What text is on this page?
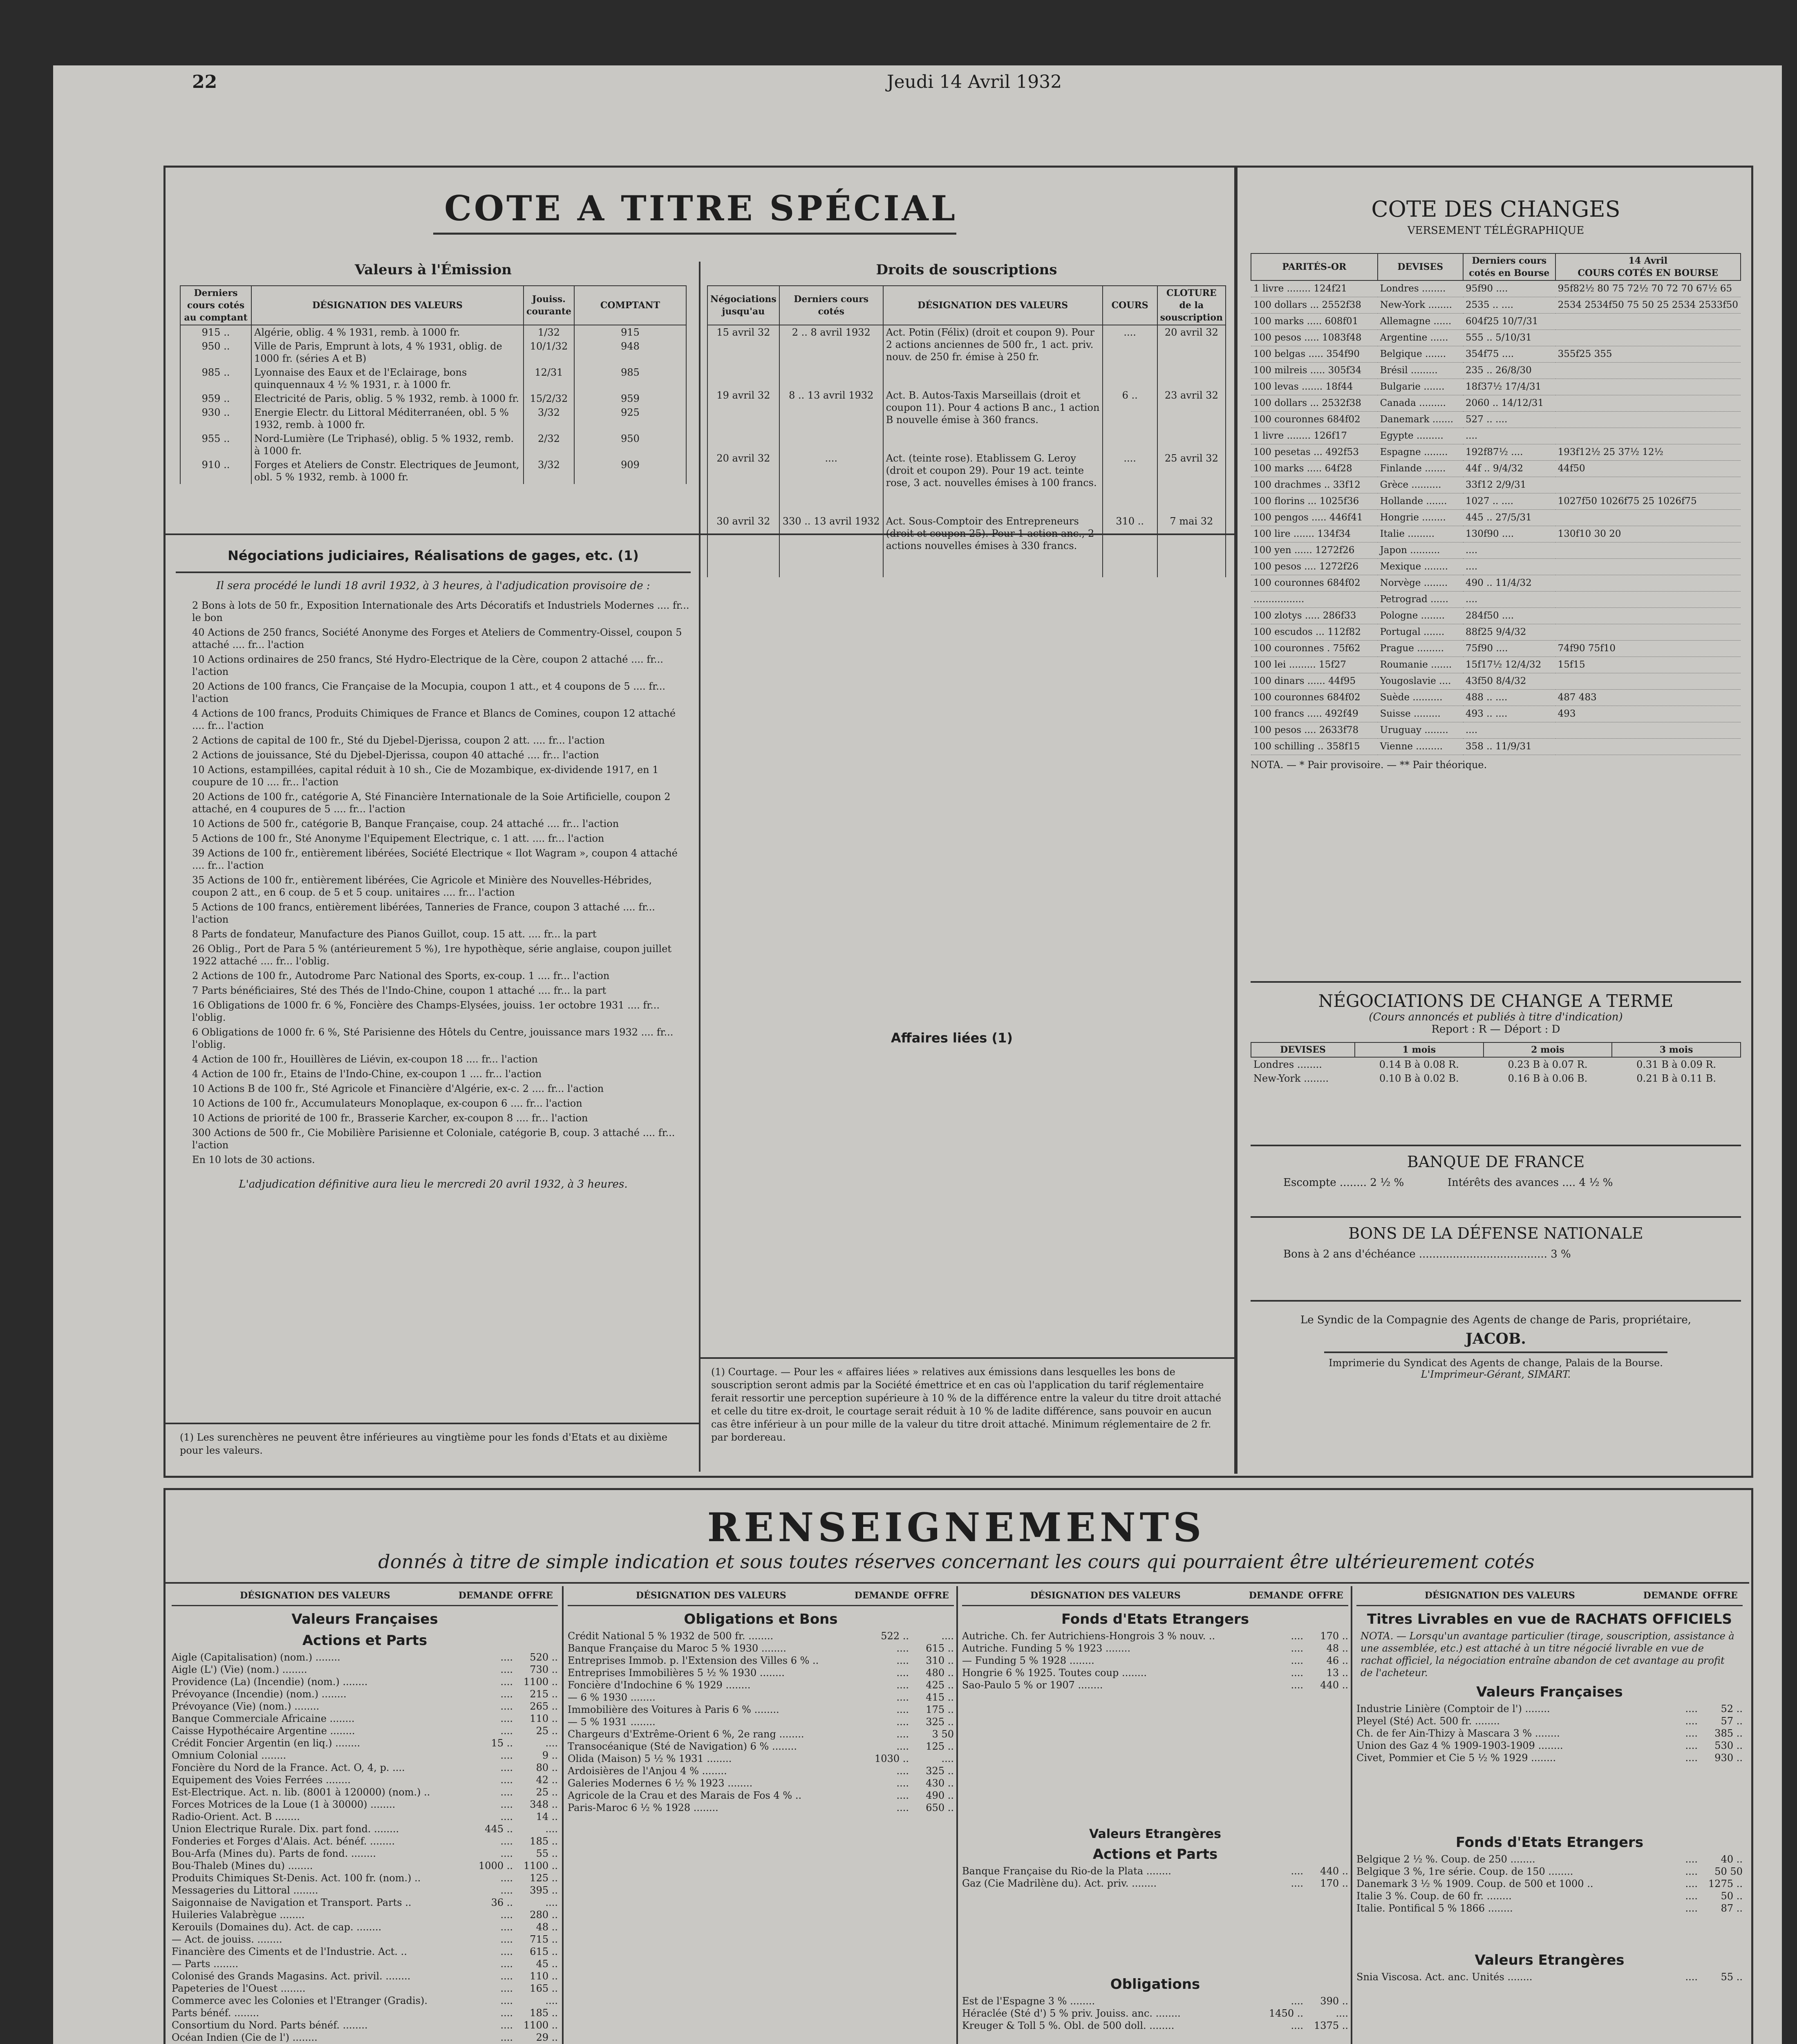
22	Jeudi 14 Avril 1932
COTE A TITRE SPÉCIAL
Valeurs à l'Émission
Derniers cours cotés au comptant	DÉSIGNATION DES VALEURS	Jouiss. courante	COMPTANT
915 ..	Algérie, oblig. 4 % 1931, remb. à 1000 fr.	1/32	915
950 ..	Ville de Paris, Emprunt à lots, 4 % 1931, oblig. de 1000 fr. (séries A et B)	10/1/32	948
985 ..	Lyonnaise des Eaux et de l'Eclairage, bons quinquennaux 4 ½ % 1931, r. à 1000 fr.	12/31	985
959 ..	Electricité de Paris, oblig. 5 % 1932, remb. à 1000 fr.	15/2/32	959
930 ..	Energie Electr. du Littoral Méditerranéen, obl. 5 % 1932, remb. à 1000 fr.	3/32	925
955 ..	Nord-Lumière (Le Triphasé), oblig. 5 % 1932, remb. à 1000 fr.	2/32	950
910 ..	Forges et Ateliers de Constr. Electriques de Jeumont, obl. 5 % 1932, remb. à 1000 fr.	3/32	909
Négociations judiciaires, Réalisations de gages, etc. (1)
Il sera procédé le lundi 18 avril 1932, à 3 heures, à l'adjudication provisoire de :
2 Bons à lots de 50 fr., Exposition Internationale des Arts Décoratifs et Industriels Modernes .... fr... le bon
40 Actions de 250 francs, Société Anonyme des Forges et Ateliers de Commentry-Oissel, coupon 5 attaché .... fr... l'action
10 Actions ordinaires de 250 francs, Sté Hydro-Electrique de la Cère, coupon 2 attaché .... fr... l'action
20 Actions de 100 francs, Cie Française de la Mocupia, coupon 1 att., et 4 coupons de 5 .... fr... l'action
4 Actions de 100 francs, Produits Chimiques de France et Blancs de Comines, coupon 12 attaché .... fr... l'action
2 Actions de capital de 100 fr., Sté du Djebel-Djerissa, coupon 2 att. .... fr... l'action
2 Actions de jouissance, Sté du Djebel-Djerissa, coupon 40 attaché .... fr... l'action
10 Actions, estampillées, capital réduit à 10 sh., Cie de Mozambique, ex-dividende 1917, en 1 coupure de 10 .... fr... l'action
20 Actions de 100 fr., catégorie A, Sté Financière Internationale de la Soie Artificielle, coupon 2 attaché, en 4 coupures de 5 .... fr... l'action
10 Actions de 500 fr., catégorie B, Banque Française, coup. 24 attaché .... fr... l'action
5 Actions de 100 fr., Sté Anonyme l'Equipement Electrique, c. 1 att. .... fr... l'action
39 Actions de 100 fr., entièrement libérées, Société Electrique « Ilot Wagram », coupon 4 attaché .... fr... l'action
35 Actions de 100 fr., entièrement libérées, Cie Agricole et Minière des Nouvelles-Hébrides, coupon 2 att., en 6 coup. de 5 et 5 coup. unitaires .... fr... l'action
5 Actions de 100 francs, entièrement libérées, Tanneries de France, coupon 3 attaché .... fr... l'action
8 Parts de fondateur, Manufacture des Pianos Guillot, coup. 15 att. .... fr... la part
26 Oblig., Port de Para 5 % (antérieurement 5 %), 1re hypothèque, série anglaise, coupon juillet 1922 attaché .... fr... l'oblig.
2 Actions de 100 fr., Autodrome Parc National des Sports, ex-coup. 1 .... fr... l'action
7 Parts bénéficiaires, Sté des Thés de l'Indo-Chine, coupon 1 attaché .... fr... la part
16 Obligations de 1000 fr. 6 %, Foncière des Champs-Elysées, jouiss. 1er octobre 1931 .... fr... l'oblig.
6 Obligations de 1000 fr. 6 %, Sté Parisienne des Hôtels du Centre, jouissance mars 1932 .... fr... l'oblig.
4 Action de 100 fr., Houillères de Liévin, ex-coupon 18 .... fr... l'action
4 Action de 100 fr., Etains de l'Indo-Chine, ex-coupon 1 .... fr... l'action
10 Actions B de 100 fr., Sté Agricole et Financière d'Algérie, ex-c. 2 .... fr... l'action
10 Actions de 100 fr., Accumulateurs Monoplaque, ex-coupon 6 .... fr... l'action
10 Actions de priorité de 100 fr., Brasserie Karcher, ex-coupon 8 .... fr... l'action
300 Actions de 500 fr., Cie Mobilière Parisienne et Coloniale, catégorie B, coup. 3 attaché .... fr... l'action
En 10 lots de 30 actions.
L'adjudication définitive aura lieu le mercredi 20 avril 1932, à 3 heures.
(1) Les surenchères ne peuvent être inférieures au vingtième pour les fonds d'Etats et au dixième pour les valeurs.
Droits de souscriptions
Négociations jusqu'au	Derniers cours cotés	DÉSIGNATION DES VALEURS	COURS	CLOTURE de la souscription
15 avril 32	2 .. 8 avril 1932	Act. Potin (Félix) (droit et coupon 9). Pour 2 actions anciennes de 500 fr., 1 act. priv. nouv. de 250 fr. émise à 250 fr.	....	20 avril 32
19 avril 32	8 .. 13 avril 1932	Act. B. Autos-Taxis Marseillais (droit et coupon 11). Pour 4 actions B anc., 1 action B nouvelle émise à 360 francs.	6 ..	23 avril 32
20 avril 32	....	Act. (teinte rose). Etablissem G. Leroy (droit et coupon 29). Pour 19 act. teinte rose, 3 act. nouvelles émises à 100 francs.	....	25 avril 32
30 avril 32	330 .. 13 avril 1932	Act. Sous-Comptoir des Entrepreneurs (droit et coupon 25). Pour 1 action anc., 2 actions nouvelles émises à 330 francs.	310 ..	7 mai 32
Affaires liées (1)
(1) Courtage. — Pour les « affaires liées » relatives aux émissions dans lesquelles les bons de souscription seront admis par la Société émettrice et en cas où l'application du tarif réglementaire ferait ressortir une perception supérieure à 10 % de la différence entre la valeur du titre droit attaché et celle du titre ex-droit, le courtage serait réduit à 10 % de ladite différence, sans pouvoir en aucun cas être inférieur à un pour mille de la valeur du titre droit attaché. Minimum réglementaire de 2 fr. par bordereau.
COTE DES CHANGES
VERSEMENT TÉLÉGRAPHIQUE
PARITÉS-OR	DEVISES	Derniers cours cotés en Bourse	14 Avril
COURS COTÉS EN BOURSE
1 livre ........ 124f21	Londres ........	95f90 ....	95f82½ 80 75 72½ 70 72 70 67½ 65
100 dollars ... 2552f38	New-York ........	2535 .. ....	2534 2534f50 75 50 25 2534 2533f50
100 marks ..... 608f01	Allemagne ......	604f25 10/7/31	
100 pesos ..... 1083f48	Argentine ......	555 .. 5/10/31	
100 belgas ..... 354f90	Belgique .......	354f75 ....	355f25 355
100 milreis ..... 305f34	Brésil .........	235 .. 26/8/30	
100 levas ....... 18f44	Bulgarie .......	18f37½ 17/4/31	
100 dollars ... 2532f38	Canada .........	2060 .. 14/12/31	
100 couronnes 684f02	Danemark .......	527 .. ....	
1 livre ........ 126f17	Egypte .........	....	
100 pesetas ... 492f53	Espagne ........	192f87½ ....	193f12½ 25 37½ 12½
100 marks ..... 64f28	Finlande .......	44f .. 9/4/32	44f50
100 drachmes .. 33f12	Grèce ..........	33f12 2/9/31	
100 florins ... 1025f36	Hollande .......	1027 .. ....	1027f50 1026f75 25 1026f75
100 pengos ..... 446f41	Hongrie ........	445 .. 27/5/31	
100 lire ....... 134f34	Italie .........	130f90 ....	130f10 30 20
100 yen ...... 1272f26	Japon ..........	....	
100 pesos .... 1272f26	Mexique ........	....	
100 couronnes 684f02	Norvège ........	490 .. 11/4/32	
.................	Petrograd ......	....	
100 zlotys ..... 286f33	Pologne ........	284f50 ....	
100 escudos ... 112f82	Portugal .......	88f25 9/4/32	
100 couronnes . 75f62	Prague .........	75f90 ....	74f90 75f10
100 lei ......... 15f27	Roumanie .......	15f17½ 12/4/32	15f15
100 dinars ...... 44f95	Yougoslavie ....	43f50 8/4/32	
100 couronnes 684f02	Suède ..........	488 .. ....	487 483
100 francs ..... 492f49	Suisse .........	493 .. ....	493
100 pesos .... 2633f78	Uruguay ........	....	
100 schilling .. 358f15	Vienne .........	358 .. 11/9/31	
NOTA. — * Pair provisoire. — ** Pair théorique.
NÉGOCIATIONS DE CHANGE A TERME
(Cours annoncés et publiés à titre d'indication)
Report : R — Déport : D
DEVISES	1 mois	2 mois	3 mois
Londres ........	0.14 B à 0.08 R.	0.23 B à 0.07 R.	0.31 B à 0.09 R.
New-York ........	0.10 B à 0.02 B.	0.16 B à 0.06 B.	0.21 B à 0.11 B.
BANQUE DE FRANCE
Escompte ........ 2 ½ %	Intérêts des avances .... 4 ½ %
BONS DE LA DÉFENSE NATIONALE
Bons à 2 ans d'échéance ...................................... 3 %
Le Syndic de la Compagnie des Agents de change de Paris, propriétaire,
JACOB.
Imprimerie du Syndicat des Agents de change, Palais de la Bourse.
L'Imprimeur-Gérant, SIMART.
RENSEIGNEMENTS
donnés à titre de simple indication et sous toutes réserves concernant les cours qui pourraient être ultérieurement cotés
DÉSIGNATION DES VALEURS	DEMANDE OFFRE
Valeurs Françaises
Actions et Parts
Aigle (Capitalisation) (nom.) ........	....	520 ..
Aigle (L') (Vie) (nom.) ........	....	730 ..
Providence (La) (Incendie) (nom.) ........	....	1100 ..
Prévoyance (Incendie) (nom.) ........	....	215 ..
Prévoyance (Vie) (nom.) ........	....	265 ..
Banque Commerciale Africaine ........	....	110 ..
Caisse Hypothécaire Argentine ........	....	25 ..
Crédit Foncier Argentin (en liq.) ........	15 ..	....
Omnium Colonial ........	....	9 ..
Foncière du Nord de la France. Act. O, 4, p. ....	....	80 ..
Equipement des Voies Ferrées ........	....	42 ..
Est-Electrique. Act. n. lib. (8001 à 120000) (nom.) ..	....	25 ..
Forces Motrices de la Loue (1 à 30000) ........	....	348 ..
Radio-Orient. Act. B ........	....	14 ..
Union Electrique Rurale. Dix. part fond. ........	445 ..	....
Fonderies et Forges d'Alais. Act. bénéf. ........	....	185 ..
Bou-Arfa (Mines du). Parts de fond. ........	....	55 ..
Bou-Thaleb (Mines du) ........	1000 ..	1100 ..
Produits Chimiques St-Denis. Act. 100 fr. (nom.) ..	....	125 ..
Messageries du Littoral ........	....	395 ..
Saigonnaise de Navigation et Transport. Parts ..	36 ..	....
Huileries Valabrègue ........	....	280 ..
Kerouils (Domaines du). Act. de cap. ........	....	48 ..
— Act. de jouiss. ........	....	715 ..
Financière des Ciments et de l'Industrie. Act. ..	....	615 ..
— Parts ........	....	45 ..
Colonisé des Grands Magasins. Act. privil. ........	....	110 ..
Papeteries de l'Ouest ........	....	165 ..
Commerce avec les Colonies et l'Etranger (Gradis).	....	....
Parts bénéf. ........	....	185 ..
Consortium du Nord. Parts bénéf. ........	....	1100 ..
Océan Indien (Cie de l') ........	....	29 ..
DÉSIGNATION DES VALEURS	DEMANDE OFFRE
Obligations et Bons
Crédit National 5 % 1932 de 500 fr. ........	522 ..	....
Banque Française du Maroc 5 % 1930 ........	....	615 ..
Entreprises Immob. p. l'Extension des Villes 6 % ..	....	310 ..
Entreprises Immobilières 5 ½ % 1930 ........	....	480 ..
Foncière d'Indochine 6 % 1929 ........	....	425 ..
— 6 % 1930 ........	....	415 ..
Immobilière des Voitures à Paris 6 % ........	....	175 ..
— 5 % 1931 ........	....	325 ..
Chargeurs d'Extrême-Orient 6 %, 2e rang ........	....	3 50
Transocéanique (Sté de Navigation) 6 % ........	....	125 ..
Olida (Maison) 5 ½ % 1931 ........	1030 ..	....
Ardoisières de l'Anjou 4 % ........	....	325 ..
Galeries Modernes 6 ½ % 1923 ........	....	430 ..
Agricole de la Crau et des Marais de Fos 4 % ..	....	490 ..
Paris-Maroc 6 ½ % 1928 ........	....	650 ..
DÉSIGNATION DES VALEURS	DEMANDE OFFRE
Fonds d'Etats Etrangers
Autriche. Ch. fer Autrichiens-Hongrois 3 % nouv. ..	....	170 ..
Autriche. Funding 5 % 1923 ........	....	48 ..
— Funding 5 % 1928 ........	....	46 ..
Hongrie 6 % 1925. Toutes coup ........	....	13 ..
Sao-Paulo 5 % or 1907 ........	....	440 ..
Valeurs Etrangères
Actions et Parts
Banque Française du Rio-de la Plata ........	....	440 ..
Gaz (Cie Madrilène du). Act. priv. ........	....	170 ..
Obligations
Est de l'Espagne 3 % ........	....	390 ..
Héraclée (Sté d') 5 % priv. Jouiss. anc. ........	1450 ..	....
Kreuger & Toll 5 %. Obl. de 500 doll. ........	....	1375 ..
DÉSIGNATION DES VALEURS	DEMANDE OFFRE
Titres Livrables en vue de RACHATS OFFICIELS
NOTA. — Lorsqu'un avantage particulier (tirage, souscription, assistance à une assemblée, etc.) est attaché à un titre négocié livrable en vue de rachat officiel, la négociation entraîne abandon de cet avantage au profit de l'acheteur.
Valeurs Françaises
Industrie Linière (Comptoir de l') ........	....	52 ..
Pleyel (Sté) Act. 500 fr. ........	....	57 ..
Ch. de fer Ain-Thizy à Mascara 3 % ........	....	385 ..
Union des Gaz 4 % 1909-1903-1909 ........	....	530 ..
Civet, Pommier et Cie 5 ½ % 1929 ........	....	930 ..
Fonds d'Etats Etrangers
Belgique 2 ½ %. Coup. de 250 ........	....	40 ..
Belgique 3 %, 1re série. Coup. de 150 ........	....	50 50
Danemark 3 ½ % 1909. Coup. de 500 et 1000 ..	....	1275 ..
Italie 3 %. Coup. de 60 fr. ........	....	50 ..
Italie. Pontifical 5 % 1866 ........	....	87 ..
Valeurs Etrangères
Snia Viscosa. Act. anc. Unités ........	....	55 ..
